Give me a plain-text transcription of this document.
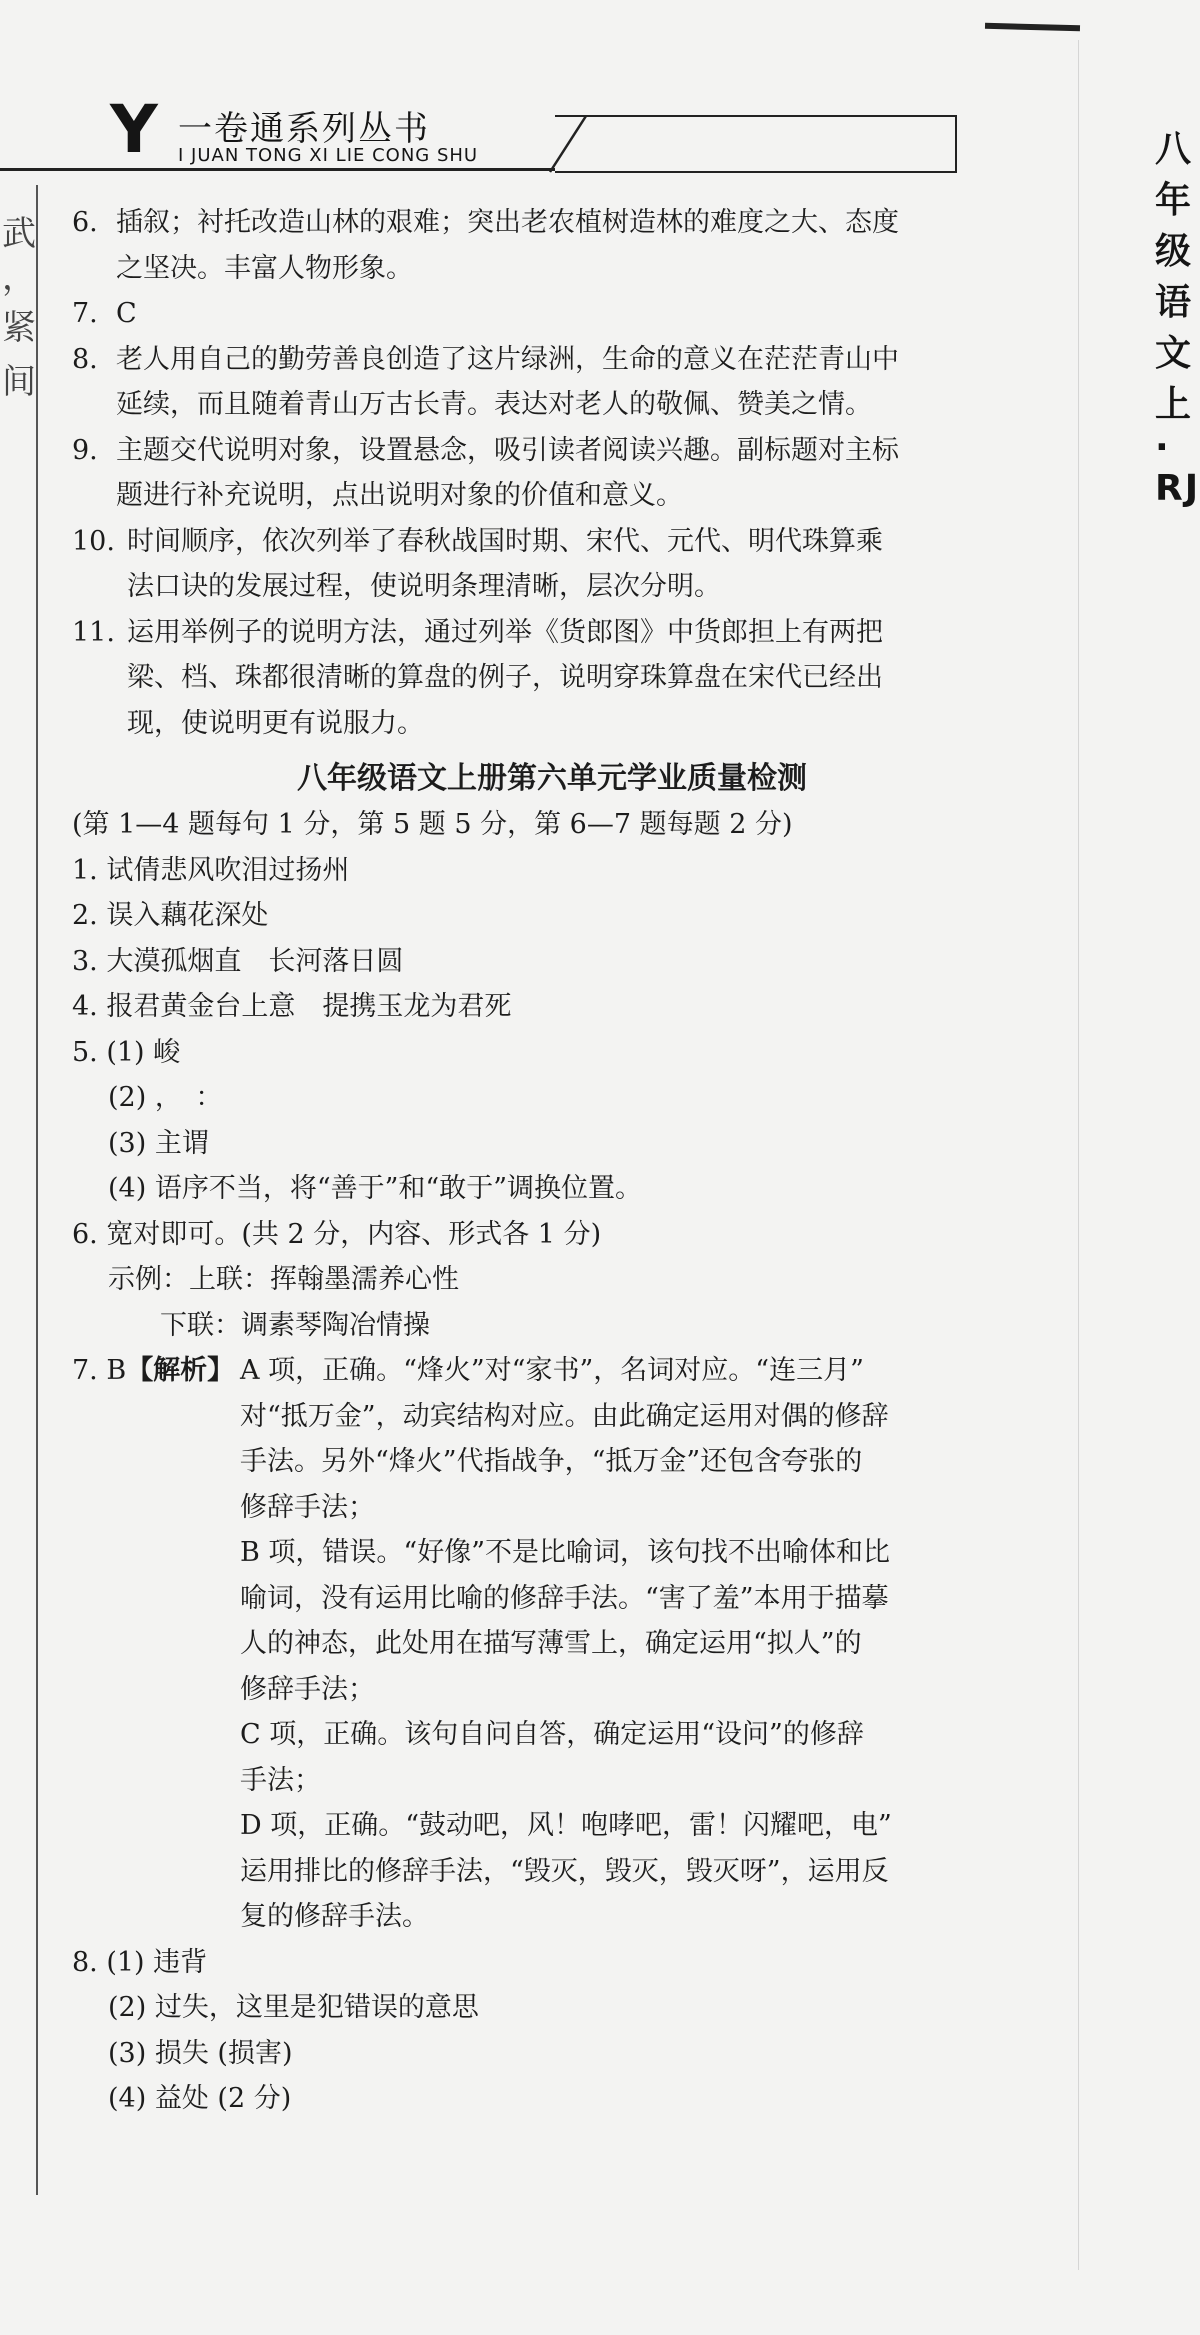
武
，
紧
间
Y 一卷通系列丛书
I JUAN TONG XI LIE CONG SHU	八年级语文上 · RJ
6. 插叙；衬托改造山林的艰难；突出老农植树造林的难度之大、态度
之坚决。丰富人物形象。
7. C
8. 老人用自己的勤劳善良创造了这片绿洲，生命的意义在茫茫青山中
延续，而且随着青山万古长青。表达对老人的敬佩、赞美之情。
9. 主题交代说明对象，设置悬念，吸引读者阅读兴趣。副标题对主标
题进行补充说明，点出说明对象的价值和意义。
10. 时间顺序，依次列举了春秋战国时期、宋代、元代、明代珠算乘
法口诀的发展过程，使说明条理清晰，层次分明。
11. 运用举例子的说明方法，通过列举《货郎图》中货郎担上有两把
梁、档、珠都很清晰的算盘的例子，说明穿珠算盘在宋代已经出
现，使说明更有说服力。
八年级语文上册第六单元学业质量检测
(第 1—4 题每句 1 分，第 5 题 5 分，第 6—7 题每题 2 分)
1. 试倩悲风吹泪过扬州
2. 误入藕花深处
3. 大漠孤烟直　长河落日圆
4. 报君黄金台上意　提携玉龙为君死
5. (1) 峻
(2) ，　：
(3) 主谓
(4) 语序不当，将“善于”和“敢于”调换位置。
6. 宽对即可。(共 2 分，内容、形式各 1 分)
示例：上联：挥翰墨濡养心性
下联：调素琴陶冶情操
7. B【解析】 A 项，正确。“烽火”对“家书”，名词对应。“连三月”
对“抵万金”，动宾结构对应。由此确定运用对偶的修辞
手法。另外“烽火”代指战争，“抵万金”还包含夸张的
修辞手法；
B 项，错误。“好像”不是比喻词，该句找不出喻体和比
喻词，没有运用比喻的修辞手法。“害了羞”本用于描摹
人的神态，此处用在描写薄雪上，确定运用“拟人”的
修辞手法；
C 项，正确。该句自问自答，确定运用“设问”的修辞
手法；
D 项，正确。“鼓动吧，风！咆哮吧，雷！闪耀吧，电”
运用排比的修辞手法，“毁灭，毁灭，毁灭呀”，运用反
复的修辞手法。
8. (1) 违背
(2) 过失，这里是犯错误的意思
(3) 损失 (损害)
(4) 益处 (2 分)
